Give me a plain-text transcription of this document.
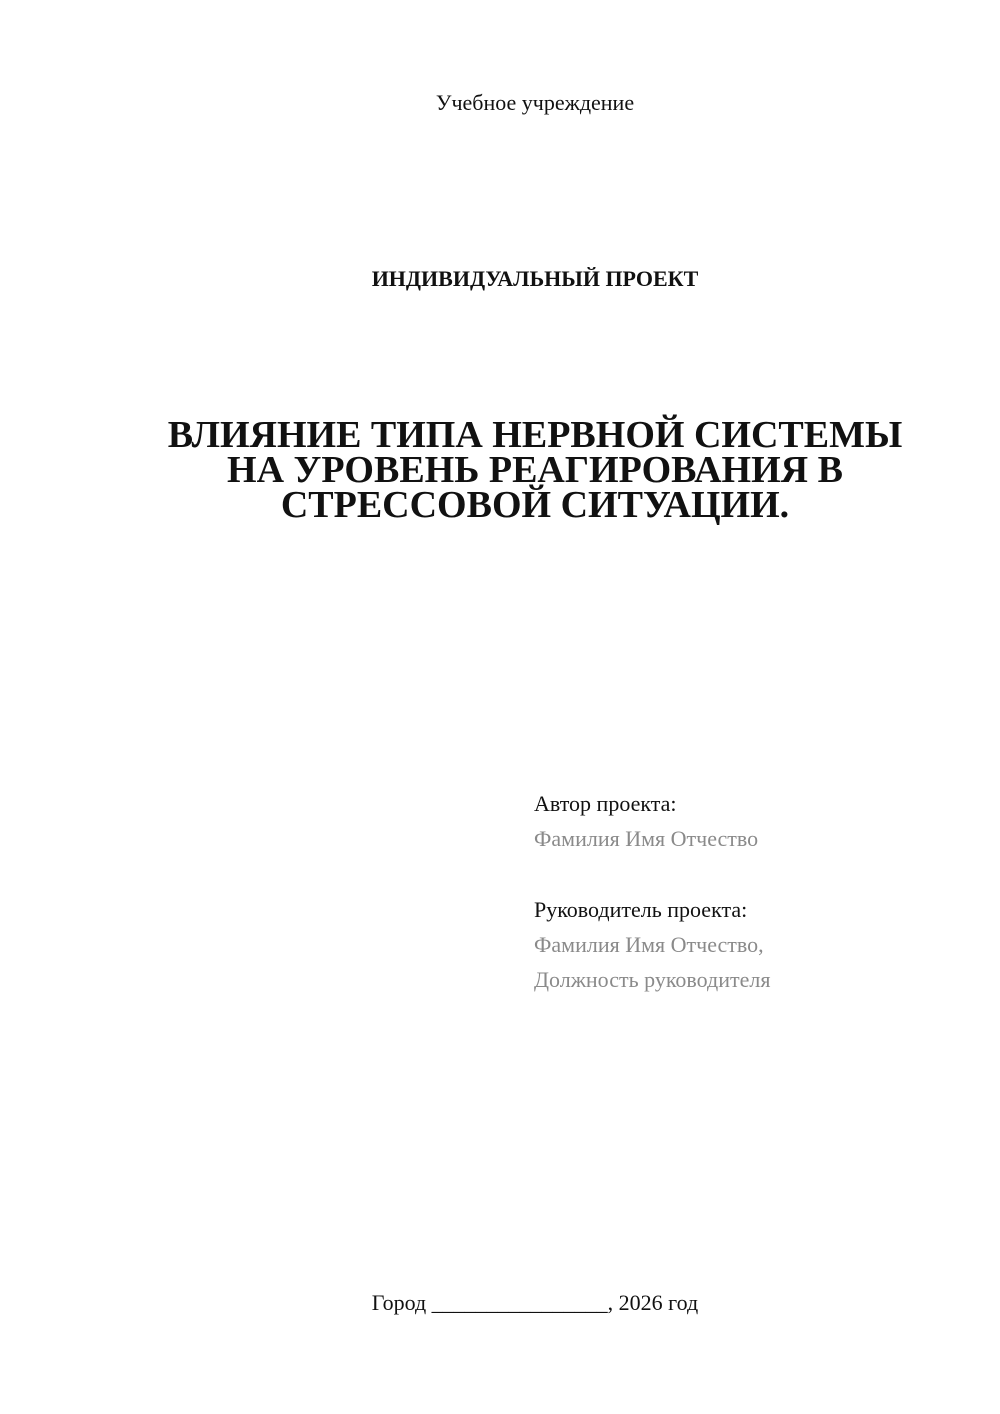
Учебное учреждение
ИНДИВИДУАЛЬНЫЙ ПРОЕКТ
ВЛИЯНИЕ ТИПА НЕРВНОЙ СИСТЕМЫ
НА УРОВЕНЬ РЕАГИРОВАНИЯ В
СТРЕССОВОЙ СИТУАЦИИ.
Автор проекта:
Фамилия Имя Отчество
Руководитель проекта:
Фамилия Имя Отчество,
Должность руководителя
Город ________________, 2026 год
